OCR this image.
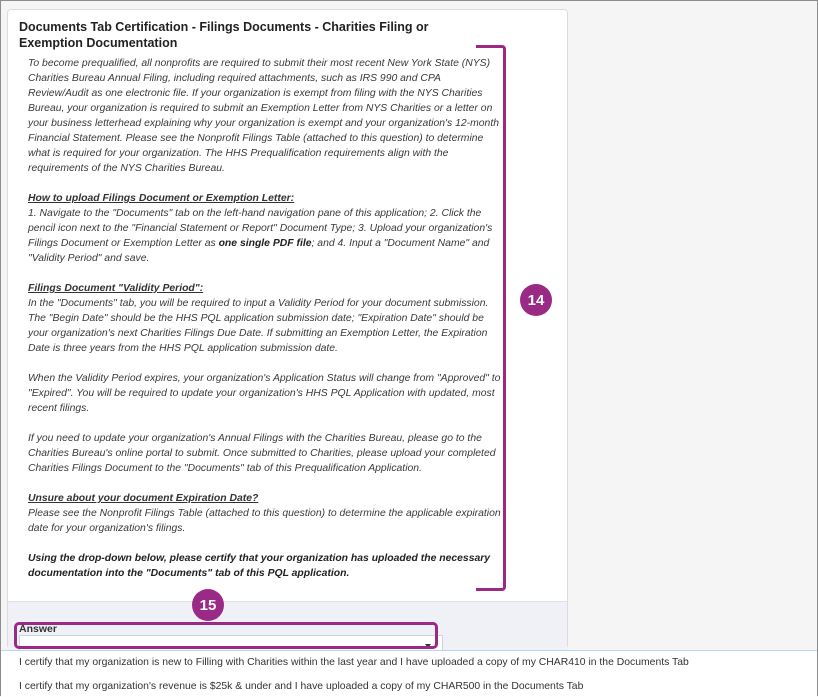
Documents Tab Certification - Filings Documents - Charities Filing or Exemption Documentation

To become prequalified, all nonprofits are required to submit their most recent New York State (NYS) Charities Bureau Annual Filing, including required attachments, such as IRS 990 and CPA Review/Audit as one electronic file. If your organization is exempt from filing with the NYS Charities Bureau, your organization is required to submit an Exemption Letter from NYS Charities or a letter on your business letterhead explaining why your organization is exempt and your organization's 12-month Financial Statement. Please see the Nonprofit Filings Table (attached to this question) to determine what is required for your organization. The HHS Prequalification requirements align with the requirements of the NYS Charities Bureau.

How to upload Filings Document or Exemption Letter:

1. Navigate to the "Documents" tab on the left-hand navigation pane of this application; 2. Click the pencil icon next to the "Financial Statement or Report" Document Type; 3. Upload your organization's Filings Document or Exemption Letter as one single PDF file; and 4. Input a "Document Name" and "Validity Period" and save.

Filings Document "Validity Period":

In the "Documents" tab, you will be required to input a Validity Period for your document submission. The "Begin Date" should be the HHS PQL application submission date; "Expiration Date" should be your organization's next Charities Filings Due Date. If submitting an Exemption Letter, the Expiration Date is three years from the HHS PQL application submission date.

When the Validity Period expires, your organization's Application Status will change from "Approved" to "Expired". You will be required to update your organization's HHS PQL Application with updated, most recent filings.

If you need to update your organization's Annual Filings with the Charities Bureau, please go to the Charities Bureau's online portal to submit. Once submitted to Charities, please upload your completed Charities Filings Document to the "Documents" tab of this Prequalification Application.

Unsure about your document Expiration Date?

Please see the Nonprofit Filings Table (attached to this question) to determine the applicable expiration date for your organization's filings.

Using the drop-down below, please certify that your organization has uploaded the necessary documentation into the "Documents" tab of this PQL application.

Answer
I certify that my organization is new to Filling with Charities within the last year and I have uploaded a copy of my CHAR410 in the Documents Tab
I certify that my organization's revenue is $25k & under and I have uploaded a copy of my CHAR500 in the Documents Tab
14
15
